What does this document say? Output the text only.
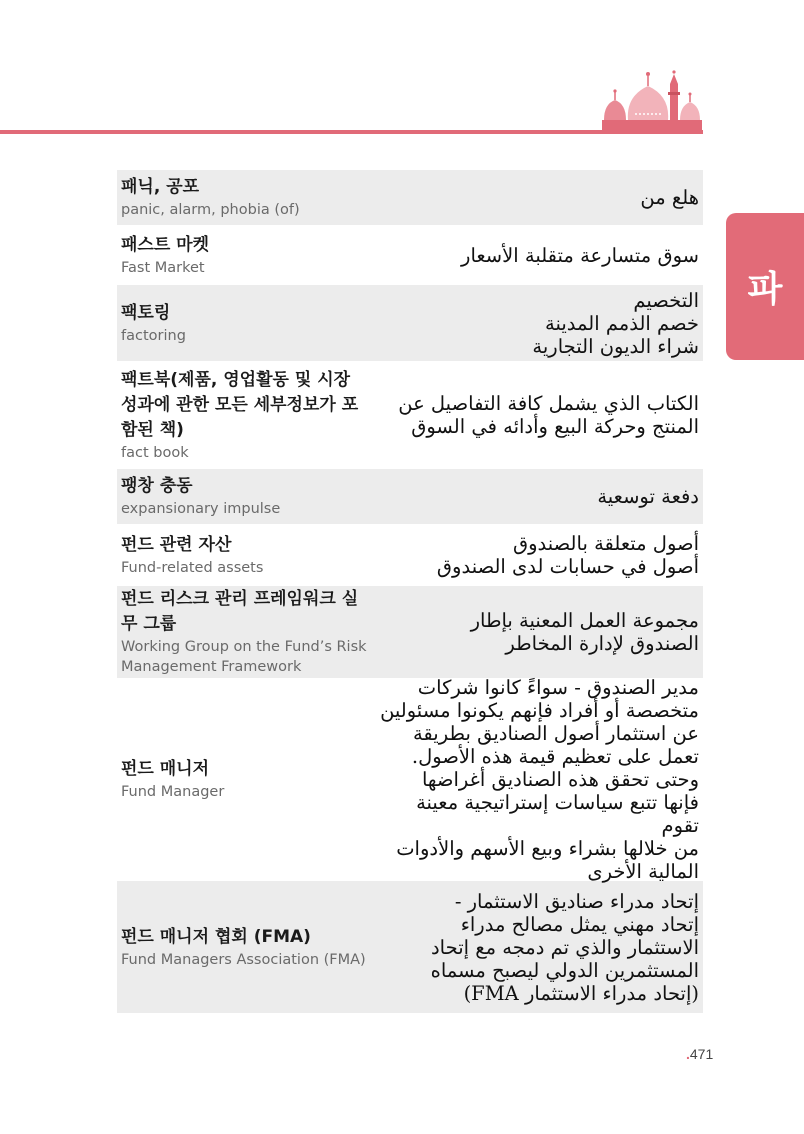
파
패닉, 공포
panic, alarm, phobia (of)
هلع من
패스트 마켓
Fast Market
سوق متسارعة متقلبة الأسعار
팩토링
factoring
التخصيم
خصم الذمم المدينة
شراء الديون التجارية
팩트북(제품, 영업활동 및 시장 성과에 관한 모든 세부정보가 포함된 책)
fact book
الكتاب الذي يشمل كافة التفاصيل عن
المنتج وحركة البيع وأدائه في السوق
팽창 충동
expansionary impulse
دفعة توسعية
펀드 관련 자산
Fund-related assets
أصول متعلقة بالصندوق
أصول في حسابات لدى الصندوق
펀드 리스크 관리 프레임워크 실무 그룹
Working Group on the Fund’s Risk Management Framework
مجموعة العمل المعنية بإطار
الصندوق لإدارة المخاطر
펀드 매니저
Fund Manager
مدير الصندوق - سواءً كانوا شركات
متخصصة أو أفراد فإنهم يكونوا مسئولين
عن استثمار أصول الصناديق بطريقة
تعمل على تعظيم قيمة هذه الأصول.
وحتى تحقق هذه الصناديق أغراضها
فإنها تتبع سياسات إستراتيجية معينة تقوم
من خلالها بشراء وبيع الأسهم والأدوات
المالية الأخرى
펀드 매니저 협회 (FMA)
Fund Managers Association (FMA)
إتحاد مدراء صناديق الاستثمار -
إتحاد مهني يمثل مصالح مدراء
الاستثمار والذي تم دمجه مع إتحاد
المستثمرين الدولي ليصبح مسماه
(إتحاد مدراء الاستثمار FMA)
.471
